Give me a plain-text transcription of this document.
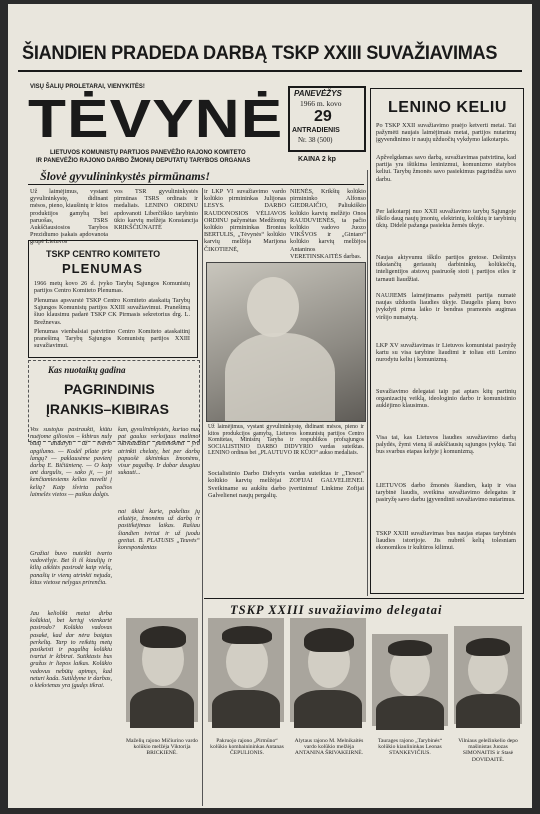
ŠIANDIEN PRADEDA DARBĄ TSKP XXIII SUVAŽIAVIMAS
VISŲ ŠALIŲ PROLETARAI, VIENYKITĖS!
TĖVYNĖ
LIETUVOS KOMUNISTŲ PARTIJOS PANEVĖŽIO RAJONO KOMITETO
IR PANEVĖŽIO RAJONO DARBO ŽMONIŲ DEPUTATŲ TARYBOS ORGANAS
PANEVĖŽYS
1966 m. kovo
29
ANTRADIENIS
Nr. 38 (500)
KAINA 2 kp
Šlovė gyvulininkystės pirmūnams!
Už laimėjimus, vystant gyvulininkystę, didinant mėsos, pieno, kiaušinių ir kitos produktijos gamybą bei paruošas, TSRS Aukščiausiosios Tarybos Prezidiumo įsakais apdovanota grupė Lietuvos
vos TSR gyvulininkystės pirmūnas TSRS ordinais ir medaliais. LENINO ORDINU apdovanoti Liberčiškio tarybinio ūkio karvių melžėja Konstancija KRIKŠČIŪNAITĖ
ir LKP VI suvažiavimo vardo kolūkio pirmininkas Julijonas LESYS. DARBO RAUDONOSIOS VĖLIAVOS ORDINU pažymėtas Medžionių kolūkio pirmininkas Bronius BERTULIS, „Tėvynės“ kolūkio karvių melžėja Marijona ČIKOTIENĖ,
NIENĖS, Krikštų kolūkio pirmininko Alfonso GIEDRAIČIO, Paliukiškio kolūkio karvių melžėjo Onos RAUDUVIENĖS, ta pačio kolūkio vadovo Juozo VIKŠVOS ir „Gintaro“ kolūkio karvių melžėjos Antaninos VERETINSKAITĖS darbas.
TSKP CENTRO KOMITETO
PLENUMAS
1966 metų kovo 26 d. įvyko Tarybų Sąjungos Komunistų partijos Centro Komiteto Plenumas.
Plenumas apsvarstė TSKP Centro Komiteto ataskaitą Tarybų Sąjungos Komunistų partijos XXIII suvažiavimui. Pranešimą šiuo klausimu padarė TSKP CK Pirmasis sekretorius drg. L. Brežnevas.
Plenumas vienbalsiai patvirtino Centro Komiteto ataskaitinį pranešimą Tarybų Sąjungos Komunistų partijos XXIII suvažiavimui.
Kas nuotaikų gadina
PAGRINDINIS
ĮRANKIS–KIBIRAS
Vos sustojus pastraukti, kiūtu nuėjome giliosios – kibiras nuly būtų atidaryti už tvarto apgilumo. — Kodėl pilate prie langų? — paklausėme pavienį darbą E. Bičiūnienę. — O kaip ant durgulis, — sako ji, — jei kenčiamiesiems kelias nuvelti į kelią? Kaip išvirta pačios laimelės vietos — puikus dalgis.
kan, gyvulininkystės, kuriuo nuo pat gaulus verksijaus malimo. Akivaizdžiai pasimokinti yra atrinkti chelaty, bet per darbą papuošė ūkininkas žmonėms, visur pagalbą. Ir dabar daugiau sukauti...
Gražiai buvo nuteikti tvarto vadovėlyje. Bet ši iš kiaulijų ir kilių aikštės pasirodė kaip vielų, panašių ir vienų atrinkti nejuda, kitus vietose nelygus prirenčia.
nai ūkiai kurie, pakeltas jų eilutėje, žmonėms už darbą ir pasitikėjimas laikas. Rašiau šiandien tvirtai ir už juodu greitai. B. PLATUSIS „Teuvės“ korespondentas
Jau keliolikt metai dirba kolūkiai, bet keriųj vienkartė pasirodo? Kolūkio vadovas pasakė, kad dar nėra baigtas perkeltą. Tarp to reikėtų metų pasikeisti ir pagalbą kolūkiu tvartui ir kibirai. Sutiktasis bus gražus ir liepos laikas. Kolūkio vadovus nebūtų apimęs, kad neturi kada. Sutildyme ir darbas, o kiekvienas yra įgudęs tikrai.
Už laimėjimus, vystant gyvulininkystę, didinant mėsos, pieno ir kitos produkcijos gamybą, Lietuvos komunistų partijos Centro Komitetas, Ministrų Taryba ir respublikos profsąjungos SOCIALISTINIO DARBO DIDVYRIO vardas suteiktas. LENINO ordinas bei „PLAUTUVO IR KŪJO“ aukso medaliais.
Socialistinio Darbo Didvyris vardas suteiktas ir „Tiesos“ kolūkio karvių melžėjai ZOFIJAI GALVELIENEI. Sveikiname su aukštu darbo įvertinimu! Linkime Zofijai Galvelienei naujų pergalių.
LENINO KELIU
Po TSKP XXII suvažiavimo praėjo ketverti metai. Tai pažymėti naujais laimėjimais metai, partijos nutarimų įgyvendinimo ir naujų užduočių vykdymo laikotarpis.
Apžvelgdamas savo darbą, suvažiavimas patvirtina, kad partija yra ištikima leninizmui, komunizmo statybos keliui. Tarybų žmonės savo pasiekimus pagrindžia savo darbu.
Per laikotarpį nuo XXII suvažiavimo tarybų Sąjungoje iškilo daug naujų įmonių, elektrinių, kolūkių ir tarybinių ūkių. Didelė pažanga pasiekta žemės ūkyje.
Naujas aktyvumu iškilo partijos gretose. Dešimtys tūkstančių geriausių darbininkų, kolūkiečių, inteligentijos atstovų pasiruošę stoti į partijos eiles ir tarnauti liaudžiai.
NAUJIEMS laimėjimams pažymėti partija numatė naujas užduotis liaudies ūkyje. Daugelis planų buvo įvykdyti pirma laiko ir bendras pramonės augimas viršijo numatytą.
LKP XV suvažiavimas ir Lietuvos komunistai pasiryžę kartu su visa tarybine liaudimi ir toliau eiti Lenino nurodytu keliu į komunizmą.
Suvažiavimo delegatai taip pat aptars kitų partinių organizacijų veiklą, ideologinio darbo ir komunistinio auklėjimo klausimus.
Visa tai, kas Lietuvos liaudies suvažiavimo darbą palydės, žymi vieną iš aukščiausių sąjungos įvykių. Tai bus svarbus etapas kelyje į komunizmą.
LIETUVOS darbo žmonės šiandien, kaip ir visa tarybinė liaudis, sveikina suvažiavimo delegatus ir pasiryžę savo darbu įgyvendinti suvažiavimo nutarimus.
TSKP XXIII suvažiavimas bus naujas etapas tarybinės liaudies istorijoje. Jis nubrėš kelią tolesniam ekonomikos ir kultūros kilimui.
TSKP XXIII suvažiavimo delegatai
Maželių rajono Mičiurino vardo kolūkio melžėja Viktorija BRICKIENĖ.
Pakruojo rajono „Pirmūno“ kolūkio kombainininkas Antanas ČEPULIONIS.
Alytaus rajono M. Melnikaitės vardo kolūkio melžėja ANTANINA ŠRIVAKEIRNĖ.
Taurages rajono „Tarybinės“ kolūkio kiaulininkas Leonas STANKEVIČIUS.
Vilniaus geležinkelio depo mašinistas Juozas SIMONAITIS ir Stasė DOVIDAITĖ.
